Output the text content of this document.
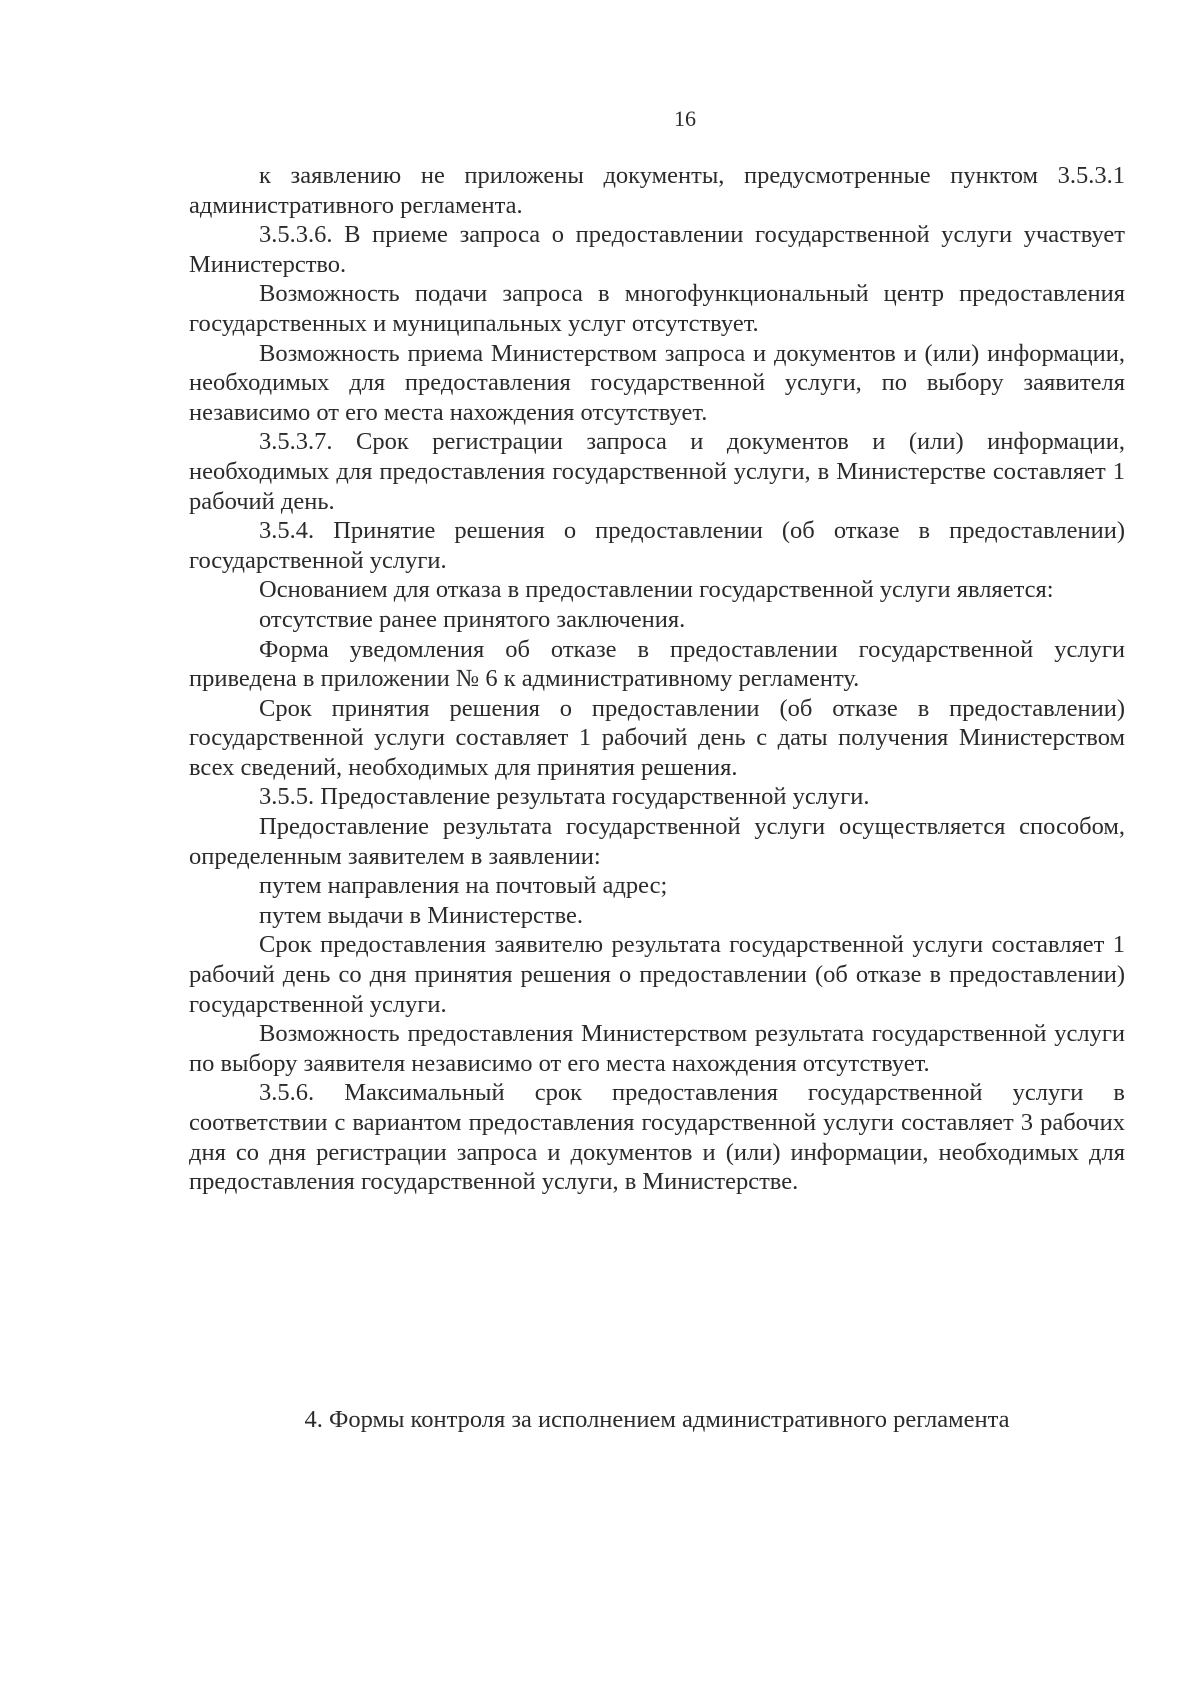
16

к заявлению не приложены документы, предусмотренные пунктом 3.5.3.1 административного регламента.

3.5.3.6. В приеме запроса о предоставлении государственной услуги участвует Министерство.

Возможность подачи запроса в многофункциональный центр предоставления государственных и муниципальных услуг отсутствует.

Возможность приема Министерством запроса и документов и (или) информации, необходимых для предоставления государственной услуги, по выбору заявителя независимо от его места нахождения отсутствует.

3.5.3.7. Срок регистрации запроса и документов и (или) информации, необходимых для предоставления государственной услуги, в Министерстве составляет 1 рабочий день.

3.5.4. Принятие решения о предоставлении (об отказе в предоставлении) государственной услуги.

Основанием для отказа в предоставлении государственной услуги является:

отсутствие ранее принятого заключения.

Форма уведомления об отказе в предоставлении государственной услуги приведена в приложении № 6 к административному регламенту.

Срок принятия решения о предоставлении (об отказе в предоставлении) государственной услуги составляет 1 рабочий день с даты получения Министерством всех сведений, необходимых для принятия решения.

3.5.5. Предоставление результата государственной услуги.

Предоставление результата государственной услуги осуществляется способом, определенным заявителем в заявлении:

путем направления на почтовый адрес;

путем выдачи в Министерстве.

Срок предоставления заявителю результата государственной услуги составляет 1 рабочий день со дня принятия решения о предоставлении (об отказе в предоставлении) государственной услуги.

Возможность предоставления Министерством результата государственной услуги по выбору заявителя независимо от его места нахождения отсутствует.

3.5.6. Максимальный срок предоставления государственной услуги в соответствии с вариантом предоставления государственной услуги составляет 3 рабочих дня со дня регистрации запроса и документов и (или) информации, необходимых для предоставления государственной услуги, в Министерстве.

4. Формы контроля за исполнением административного регламента
